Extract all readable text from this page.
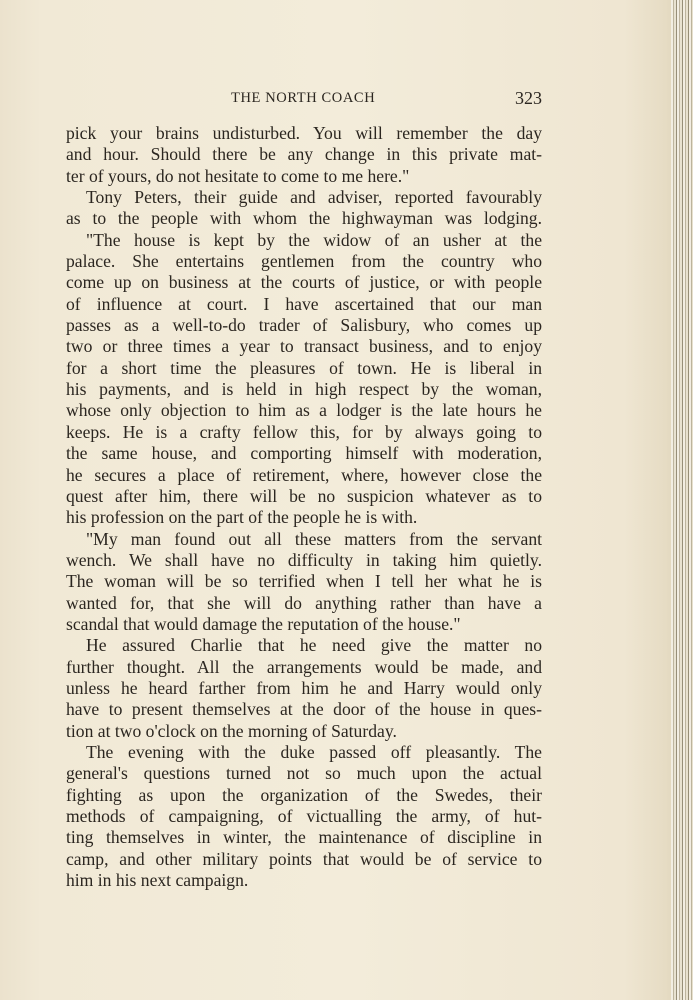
THE NORTH COACH	323
pick your brains undisturbed. You will remember the day
and hour. Should there be any change in this private mat-
ter of yours, do not hesitate to come to me here."
Tony Peters, their guide and adviser, reported favourably
as to the people with whom the highwayman was lodging.
"The house is kept by the widow of an usher at the
palace. She entertains gentlemen from the country who
come up on business at the courts of justice, or with people
of influence at court. I have ascertained that our man
passes as a well-to-do trader of Salisbury, who comes up
two or three times a year to transact business, and to enjoy
for a short time the pleasures of town. He is liberal in
his payments, and is held in high respect by the woman,
whose only objection to him as a lodger is the late hours he
keeps. He is a crafty fellow this, for by always going to
the same house, and comporting himself with moderation,
he secures a place of retirement, where, however close the
quest after him, there will be no suspicion whatever as to
his profession on the part of the people he is with.
"My man found out all these matters from the servant
wench. We shall have no difficulty in taking him quietly.
The woman will be so terrified when I tell her what he is
wanted for, that she will do anything rather than have a
scandal that would damage the reputation of the house."
He assured Charlie that he need give the matter no
further thought. All the arrangements would be made, and
unless he heard farther from him he and Harry would only
have to present themselves at the door of the house in ques-
tion at two o'clock on the morning of Saturday.
The evening with the duke passed off pleasantly. The
general's questions turned not so much upon the actual
fighting as upon the organization of the Swedes, their
methods of campaigning, of victualling the army, of hut-
ting themselves in winter, the maintenance of discipline in
camp, and other military points that would be of service to
him in his next campaign.
